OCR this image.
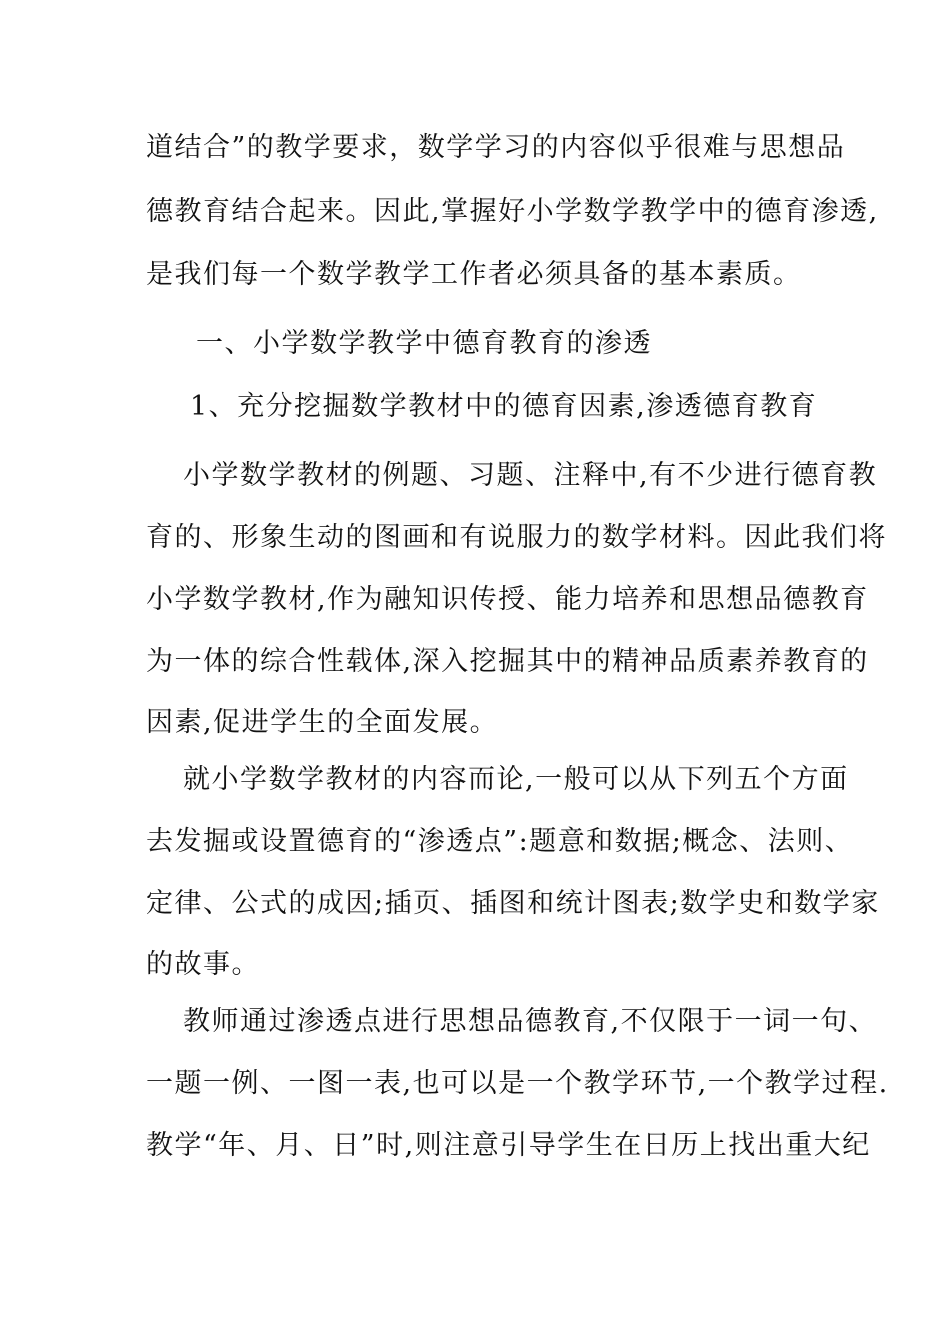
道结合”的教学要求，数学学习的内容似乎很难与思想品
德教育结合起来。因此,掌握好小学数学教学中的德育渗透,
是我们每一个数学教学工作者必须具备的基本素质。
一、小学数学教学中德育教育的渗透
1、充分挖掘数学教材中的德育因素,渗透德育教育
小学数学教材的例题、习题、注释中,有不少进行德育教
育的、形象生动的图画和有说服力的数学材料。因此我们将
小学数学教材,作为融知识传授、能力培养和思想品德教育
为一体的综合性载体,深入挖掘其中的精神品质素养教育的
因素,促进学生的全面发展。
就小学数学教材的内容而论,一般可以从下列五个方面
去发掘或设置德育的“渗透点”:题意和数据;概念、法则、
定律、公式的成因;插页、插图和统计图表;数学史和数学家
的故事。
教师通过渗透点进行思想品德教育,不仅限于一词一句、
一题一例、一图一表,也可以是一个教学环节,一个教学过程.
教学“年、月、日”时,则注意引导学生在日历上找出重大纪
